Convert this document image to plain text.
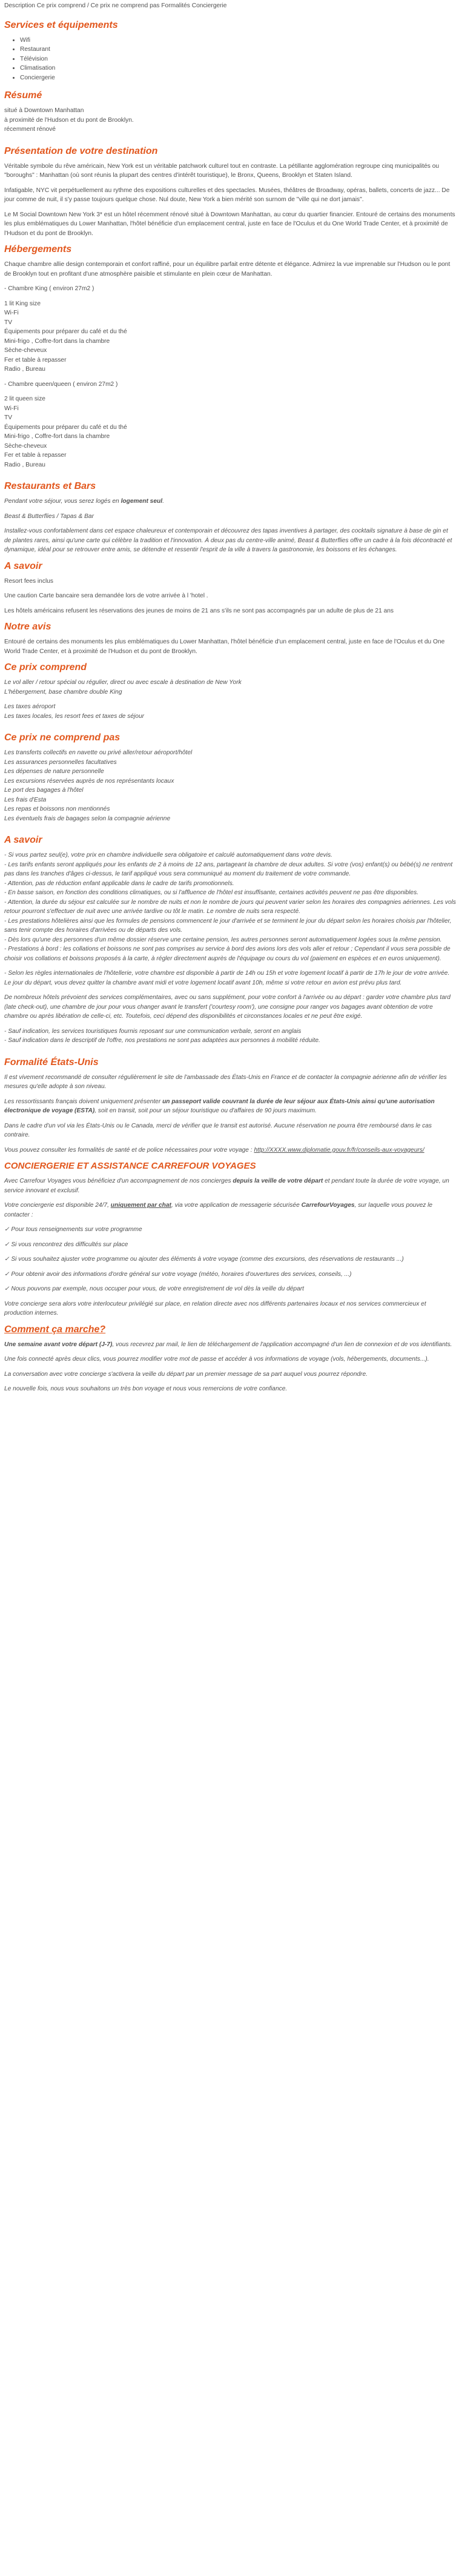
Description Ce prix comprend / Ce prix ne comprend pas Formalités Conciergerie

Services et équipements
• Wifi
• Restaurant
• Télévision
• Climatisation
• Conciergerie
Résumé
situé à Downtown Manhattan
à proximité de l'Hudson et du pont de Brooklyn.
récemment rénové
Présentation de votre destination

Véritable symbole du rêve américain, New York est un véritable patchwork culturel tout en contraste. La pétillante agglomération regroupe cinq municipalités ou "boroughs" : Manhattan (où sont réunis la plupart des centres d'intérêt touristique), le Bronx, Queens, Brooklyn et Staten Island.

Infatigable, NYC vit perpétuellement au rythme des expositions culturelles et des spectacles. Musées, théâtres de Broadway, opéras, ballets, concerts de jazz... De jour comme de nuit, il s'y passe toujours quelque chose. Nul doute, New York a bien mérité son surnom de "ville qui ne dort jamais".

Le M Social Downtown New York 3* est un hôtel récemment rénové situé à Downtown Manhattan, au cœur du quartier financier. Entouré de certains des monuments les plus emblématiques du Lower Manhattan, l'hôtel bénéficie d'un emplacement central, juste en face de l'Oculus et du One World Trade Center, et à proximité de l'Hudson et du pont de Brooklyn.

Hébergements

Chaque chambre allie design contemporain et confort raffiné, pour un équilibre parfait entre détente et élégance. Admirez la vue imprenable sur l'Hudson ou le pont de Brooklyn tout en profitant d'une atmosphère paisible et stimulante en plein cœur de Manhattan.

- Chambre King ( environ 27m2 )

1 lit King size
Wi-Fi
TV
Équipements pour préparer du café et du thé
Mini-frigo , Coffre-fort dans la chambre
Sèche-cheveux
Fer et table à repasser
Radio , Bureau

- Chambre queen/queen ( environ 27m2 )

2 lit queen size
Wi-Fi
TV
Équipements pour préparer du café et du thé
Mini-frigo , Coffre-fort dans la chambre
Sèche-cheveux
Fer et table à repasser
Radio , Bureau
Restaurants et Bars

Pendant votre séjour, vous serez logés en logement seul.

Beast & Butterflies / Tapas & Bar

Installez-vous confortablement dans cet espace chaleureux et contemporain et découvrez des tapas inventives à partager, des cocktails signature à base de gin et de plantes rares, ainsi qu'une carte qui célèbre la tradition et l'innovation. À deux pas du centre-ville animé, Beast & Butterflies offre un cadre à la fois décontracté et dynamique, idéal pour se retrouver entre amis, se détendre et ressentir l'esprit de la ville à travers la gastronomie, les boissons et les échanges.

A savoir

Resort fees inclus

Une caution Carte bancaire sera demandée lors de votre arrivée à l 'hotel .

Les hôtels américains refusent les réservations des jeunes de moins de 21 ans s'ils ne sont pas accompagnés par un adulte de plus de 21 ans

Notre avis

Entouré de certains des monuments les plus emblématiques du Lower Manhattan, l'hôtel bénéficie d'un emplacement central, juste en face de l'Oculus et du One World Trade Center, et à proximité de l'Hudson et du pont de Brooklyn.

Ce prix comprend
Le vol aller / retour spécial ou régulier, direct ou avec escale à destination de New York
L'hébergement, base chambre double King
Les taxes aéroport
Les taxes locales, les resort fees et taxes de séjour
Ce prix ne comprend pas
Les transferts collectifs en navette ou privé aller/retour aéroport/hôtel
Les assurances personnelles facultatives
Les dépenses de nature personnelle
Les excursions réservées auprès de nos représentants locaux
Le port des bagages à l'hôtel
Les frais d'Esta
Les repas et boissons non mentionnés
Les éventuels frais de bagages selon la compagnie aérienne
A savoir
- Si vous partez seul(e), votre prix en chambre individuelle sera obligatoire et calculé automatiquement dans votre devis.
- Les tarifs enfants seront appliqués pour les enfants de 2 à moins de 12 ans, partageant la chambre de deux adultes. Si votre (vos) enfant(s) ou bébé(s) ne rentrent pas dans les tranches d'âges ci-dessus, le tarif appliqué vous sera communiqué au moment du traitement de votre commande.
- Attention, pas de réduction enfant applicable dans le cadre de tarifs promotionnels.
- En basse saison, en fonction des conditions climatiques, ou si l'affluence de l'hôtel est insuffisante, certaines activités peuvent ne pas être disponibles.
- Attention, la durée du séjour est calculée sur le nombre de nuits et non le nombre de jours qui peuvent varier selon les horaires des compagnies aériennes. Les vols retour pourront s'effectuer de nuit avec une arrivée tardive ou tôt le matin. Le nombre de nuits sera respecté.
- Les prestations hôtelières ainsi que les formules de pensions commencent le jour d'arrivée et se terminent le jour du départ selon les horaires choisis par l'hôtelier, sans tenir compte des horaires d'arrivées ou de départs des vols.
- Dès lors qu'une des personnes d'un même dossier réserve une certaine pension, les autres personnes seront automatiquement logées sous la même pension.
- Prestations à bord : les collations et boissons ne sont pas comprises au service à bord des avions lors des vols aller et retour ; Cependant il vous sera possible de choisir vos collations et boissons proposés à la carte, à régler directement auprès de l'équipage ou cours du vol (paiement en espèces et en euros uniquement).

- Selon les règles internationales de l'hôtellerie, votre chambre est disponible à partir de 14h ou 15h et votre logement locatif à partir de 17h le jour de votre arrivée. Le jour du départ, vous devez quitter la chambre avant midi et votre logement locatif avant 10h, même si votre retour en avion est prévu plus tard.

De nombreux hôtels prévoient des services complémentaires, avec ou sans supplément, pour votre confort à l'arrivée ou au départ : garder votre chambre plus tard (late check-out), une chambre de jour pour vous changer avant le transfert ('courtesy room'), une consigne pour ranger vos bagages avant obtention de votre chambre ou après libération de celle-ci, etc. Toutefois, ceci dépend des disponibilités et circonstances locales et ne peut être exigé.

- Sauf indication, les services touristiques fournis reposant sur une communication verbale, seront en anglais
- Sauf indication dans le descriptif de l'offre, nos prestations ne sont pas adaptées aux personnes à mobilité réduite.
Formalité États-Unis

Il est vivement recommandé de consulter régulièrement le site de l'ambassade des États-Unis en France et de contacter la compagnie aérienne afin de vérifier les mesures qu'elle adopte à son niveau.

Les ressortissants français doivent uniquement présenter un passeport valide couvrant la durée de leur séjour aux États-Unis ainsi qu'une autorisation électronique de voyage (ESTA), soit en transit, soit pour un séjour touristique ou d'affaires de 90 jours maximum.

Dans le cadre d'un vol via les États-Unis ou le Canada, merci de vérifier que le transit est autorisé. Aucune réservation ne pourra être remboursé dans le cas contraire.

Vous pouvez consulter les formalités de santé et de police nécessaires pour votre voyage : http://XXXX.www.diplomatie.gouv.fr/fr/conseils-aux-voyageurs/

CONCIERGERIE ET ASSISTANCE CARREFOUR VOYAGES

Avec Carrefour Voyages vous bénéficiez d'un accompagnement de nos concierges depuis la veille de votre départ et pendant toute la durée de votre voyage, un service innovant et exclusif.

Votre conciergerie est disponible 24/7, uniquement par chat, via votre application de messagerie sécurisée CarrefourVoyages, sur laquelle vous pouvez le contacter :

✓ Pour tous renseignements sur votre programme

✓ Si vous rencontrez des difficultés sur place

✓ Si vous souhaitez ajuster votre programme ou ajouter des éléments à votre voyage (comme des excursions, des réservations de restaurants ...)

✓ Pour obtenir avoir des informations d'ordre général sur votre voyage (météo, horaires d'ouvertures des services, conseils, ...)

✓ Nous pouvons par exemple, nous occuper pour vous, de votre enregistrement de vol dès la veille du départ

Votre concierge sera alors votre interlocuteur privilégié sur place, en relation directe avec nos différents partenaires locaux et nos services commercieux et production internes.

Comment ça marche?

Une semaine avant votre départ (J-7), vous recevrez par mail, le lien de téléchargement de l'application accompagné d'un lien de connexion et de vos identifiants.

Une fois connecté après deux clics, vous pourrez modifier votre mot de passe et accéder à vos informations de voyage (vols, hébergements, documents...).

La conversation avec votre concierge s'activera la veille du départ par un premier message de sa part auquel vous pourrez répondre.

Le nouvelle fois, nous vous souhaitons un très bon voyage et nous vous remercions de votre confiance.
